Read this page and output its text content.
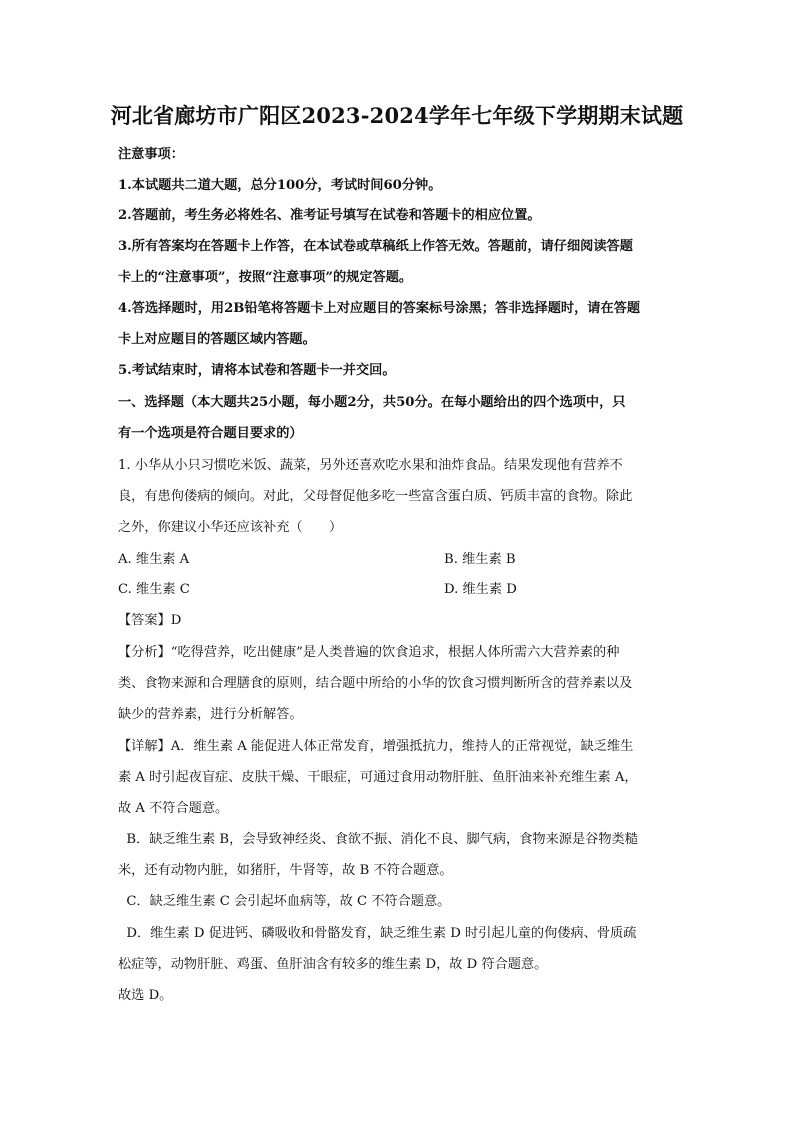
河北省廊坊市广阳区2023-2024学年七年级下学期期末试题
注意事项：
1.本试题共二道大题，总分100分，考试时间60分钟。
2.答题前，考生务必将姓名、准考证号填写在试卷和答题卡的相应位置。
3.所有答案均在答题卡上作答，在本试卷或草稿纸上作答无效。答题前，请仔细阅读答题
卡上的“注意事项”，按照“注意事项”的规定答题。
4.答选择题时，用2B铅笔将答题卡上对应题目的答案标号涂黑；答非选择题时，请在答题
卡上对应题目的答题区域内答题。
5.考试结束时，请将本试卷和答题卡一并交回。
一、选择题（本大题共25小题，每小题2分，共50分。在每小题给出的四个选项中，只
有一个选项是符合题目要求的）
1. 小华从小只习惯吃米饭、蔬菜，另外还喜欢吃水果和油炸食品。结果发现他有营养不
良，有患佝偻病的倾向。对此，父母督促他多吃一些富含蛋白质、钙质丰富的食物。除此
之外，你建议小华还应该补充（　　）
A. 维生素 A	B. 维生素 B
C. 维生素 C	D. 维生素 D
【答案】D
【分析】“吃得营养，吃出健康”是人类普遍的饮食追求，根据人体所需六大营养素的种
类、食物来源和合理膳食的原则，结合题中所给的小华的饮食习惯判断所含的营养素以及
缺少的营养素，进行分析解答。
【详解】A．维生素 A 能促进人体正常发育，增强抵抗力，维持人的正常视觉，缺乏维生
素 A 时引起夜盲症、皮肤干燥、干眼症，可通过食用动物肝脏、鱼肝油来补充维生素 A，
故 A 不符合题意。
B．缺乏维生素 B，会导致神经炎、食欲不振、消化不良、脚气病，食物来源是谷物类糙
米，还有动物内脏，如猪肝，牛肾等，故 B 不符合题意。
C．缺乏维生素 C 会引起坏血病等，故 C 不符合题意。
D．维生素 D 促进钙、磷吸收和骨骼发育，缺乏维生素 D 时引起儿童的佝偻病、骨质疏
松症等，动物肝脏、鸡蛋、鱼肝油含有较多的维生素 D，故 D 符合题意。
故选 D。
